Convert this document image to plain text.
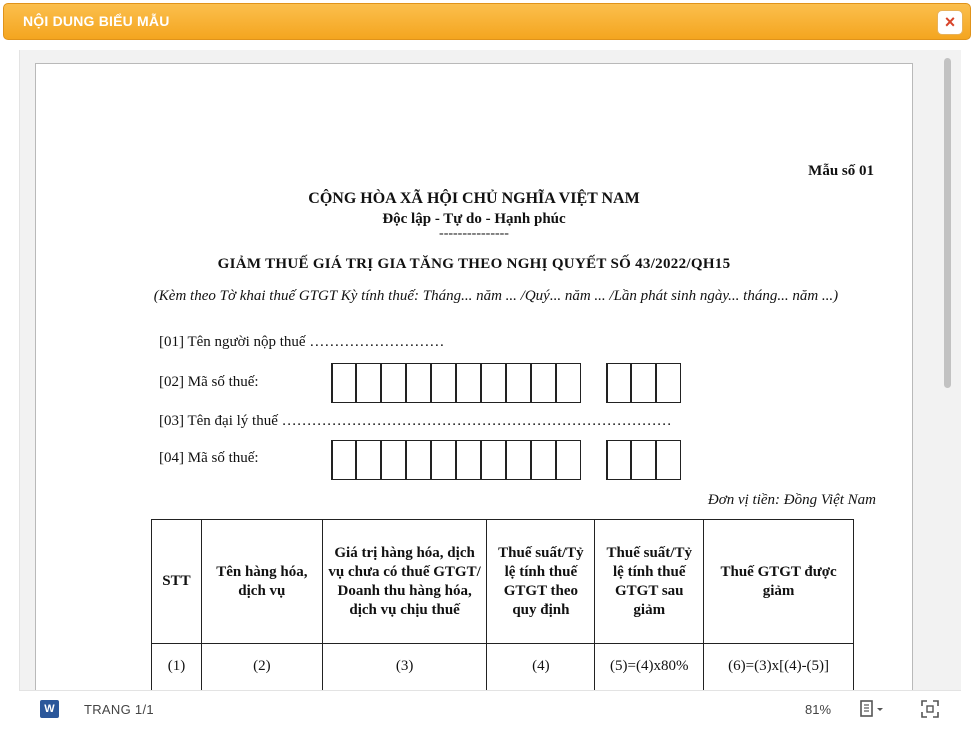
NỘI DUNG BIỂU MẪU	×
Mẫu số 01
CỘNG HÒA XÃ HỘI CHỦ NGHĨA VIỆT NAM
Độc lập - Tự do - Hạnh phúc
---------------
GIẢM THUẾ GIÁ TRỊ GIA TĂNG THEO NGHỊ QUYẾT SỐ 43/2022/QH15
(Kèm theo Tờ khai thuế GTGT Kỳ tính thuế: Tháng... năm ... /Quý... năm ... /Lần phát sinh ngày... tháng... năm ...)
[01] Tên người nộp thuế ………………………
[02] Mã số thuế:
[03] Tên đại lý thuế ……………………………………………………………………
[04] Mã số thuế:
Đơn vị tiền: Đồng Việt Nam
STT	Tên hàng hóa, dịch vụ	Giá trị hàng hóa, dịch vụ chưa có thuế GTGT/ Doanh thu hàng hóa, dịch vụ chịu thuế	Thuế suất/Tỷ lệ tính thuế GTGT theo quy định	Thuế suất/Tỷ lệ tính thuế GTGT sau giảm	Thuế GTGT được giảm
(1)	(2)	(3)	(4)	(5)=(4)x80%	(6)=(3)x[(4)-(5)]

W	TRANG 1/1	81%
